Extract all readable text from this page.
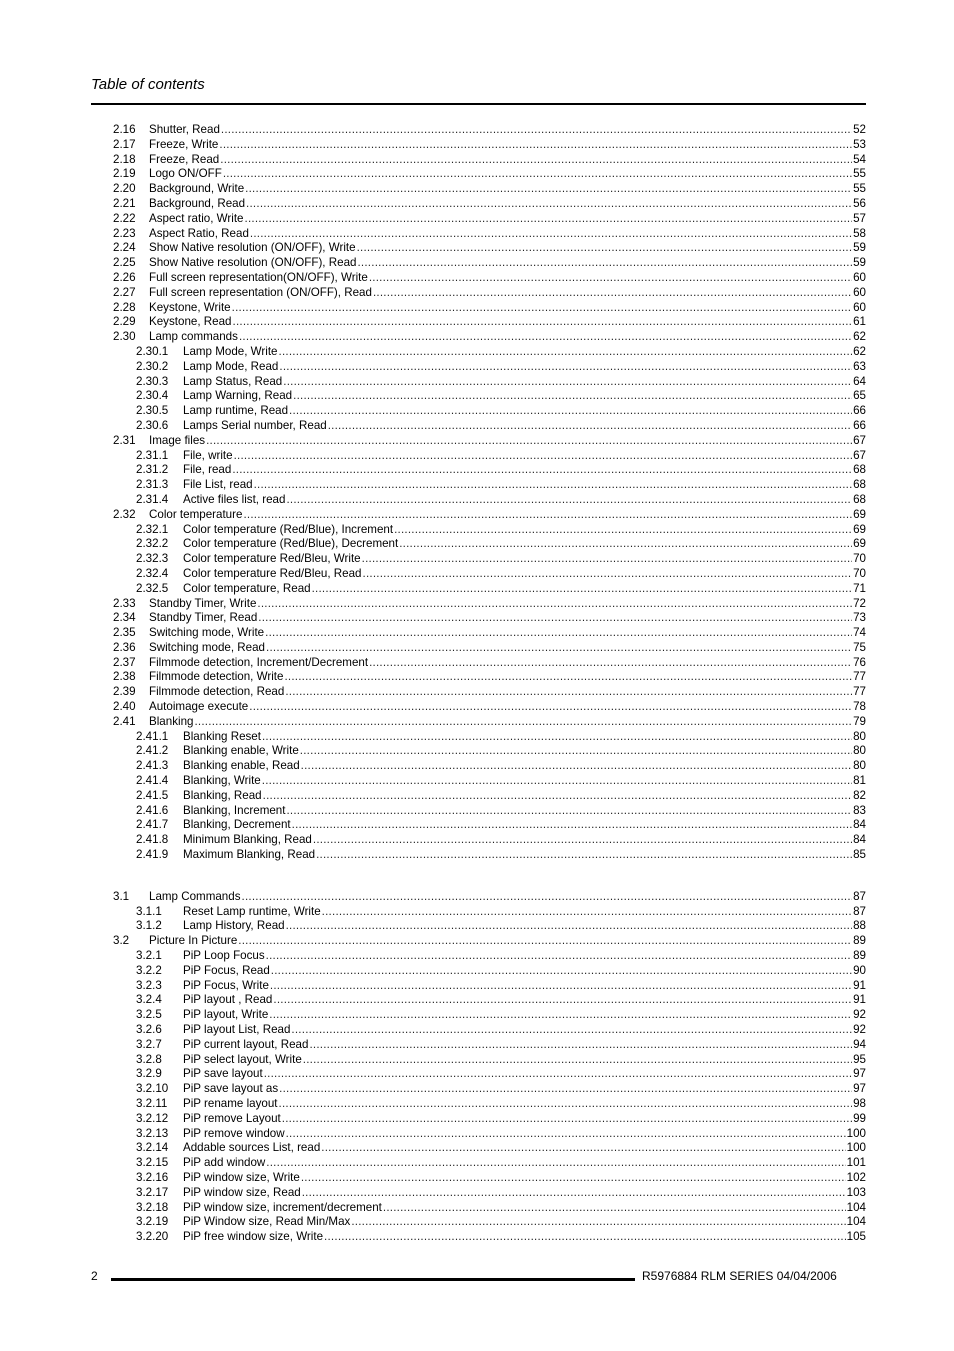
Table of contents
2.16	Shutter, Read . . .	52
2.17	Freeze, Write . . .	53
2.18	Freeze, Read . . .	54
2.19	Logo ON/OFF . . .	55
2.20	Background, Write . . .	55
2.21	Background, Read . . .	56
2.22	Aspect ratio, Write . . .	57
2.23	Aspect Ratio, Read . . .	58
2.24	Show Native resolution (ON/OFF), Write . . .	59
2.25	Show Native resolution (ON/OFF), Read . . .	59
2.26	Full screen representation(ON/OFF), Write . . .	60
2.27	Full screen representation (ON/OFF), Read . . .	60
2.28	Keystone, Write . . .	60
2.29	Keystone, Read . . .	61
2.30	Lamp commands . . .	62
2.30.1	Lamp Mode, Write . . .	62
2.30.2	Lamp Mode, Read . . .	63
2.30.3	Lamp Status, Read . . .	64
2.30.4	Lamp Warning, Read . . .	65
2.30.5	Lamp runtime, Read . . .	66
2.30.6	Lamps Serial number, Read . . .	66
2.31	Image files . . .	67
2.31.1	File, write . . .	67
2.31.2	File, read . . .	68
2.31.3	File List, read . . .	68
2.31.4	Active files list, read . . .	68
2.32	Color temperature . . .	69
2.32.1	Color temperature (Red/Blue), Increment . . .	69
2.32.2	Color temperature (Red/Blue), Decrement . . .	69
2.32.3	Color temperature Red/Bleu, Write . . .	70
2.32.4	Color temperature Red/Bleu, Read . . .	70
2.32.5	Color temperature, Read . . .	71
2.33	Standby Timer, Write . . .	72
2.34	Standby Timer, Read . . .	73
2.35	Switching mode, Write . . .	74
2.36	Switching mode, Read . . .	75
2.37	Filmmode detection, Increment/Decrement . . .	76
2.38	Filmmode detection, Write . . .	77
2.39	Filmmode detection, Read . . .	77
2.40	Autoimage execute . . .	78
2.41	Blanking . . .	79
2.41.1	Blanking Reset . . .	80
2.41.2	Blanking enable, Write . . .	80
2.41.3	Blanking enable, Read . . .	80
2.41.4	Blanking, Write . . .	81
2.41.5	Blanking, Read . . .	82
2.41.6	Blanking, Increment . . .	83
2.41.7	Blanking, Decrement . . .	84
2.41.8	Minimum Blanking, Read . . .	84
2.41.9	Maximum Blanking, Read . . .	85
3.1	Lamp Commands . . .	87
3.1.1	Reset Lamp runtime, Write . . .	87
3.1.2	Lamp History, Read . . .	88
3.2	Picture In Picture . . .	89
3.2.1	PiP Loop Focus . . .	89
3.2.2	PiP Focus, Read . . .	90
3.2.3	PiP Focus, Write . . .	91
3.2.4	PiP layout , Read . . .	91
3.2.5	PiP layout, Write . . .	92
3.2.6	PiP layout List, Read . . .	92
3.2.7	PiP current layout, Read . . .	94
3.2.8	PiP select layout, Write . . .	95
3.2.9	PiP save layout . . .	97
3.2.10	PiP save layout as . . .	97
3.2.11	PiP rename layout . . .	98
3.2.12	PiP remove Layout . . .	99
3.2.13	PiP remove window . . .	100
3.2.14	Addable sources List, read . . .	100
3.2.15	PiP add window . . .	101
3.2.16	PiP window size, Write . . .	102
3.2.17	PiP window size, Read . . .	103
3.2.18	PiP window size, increment/decrement . . .	104
3.2.19	PiP Window size, Read Min/Max . . .	104
3.2.20	PiP free window size, Write . . .	105
2	R5976884 RLM SERIES 04/04/2006
